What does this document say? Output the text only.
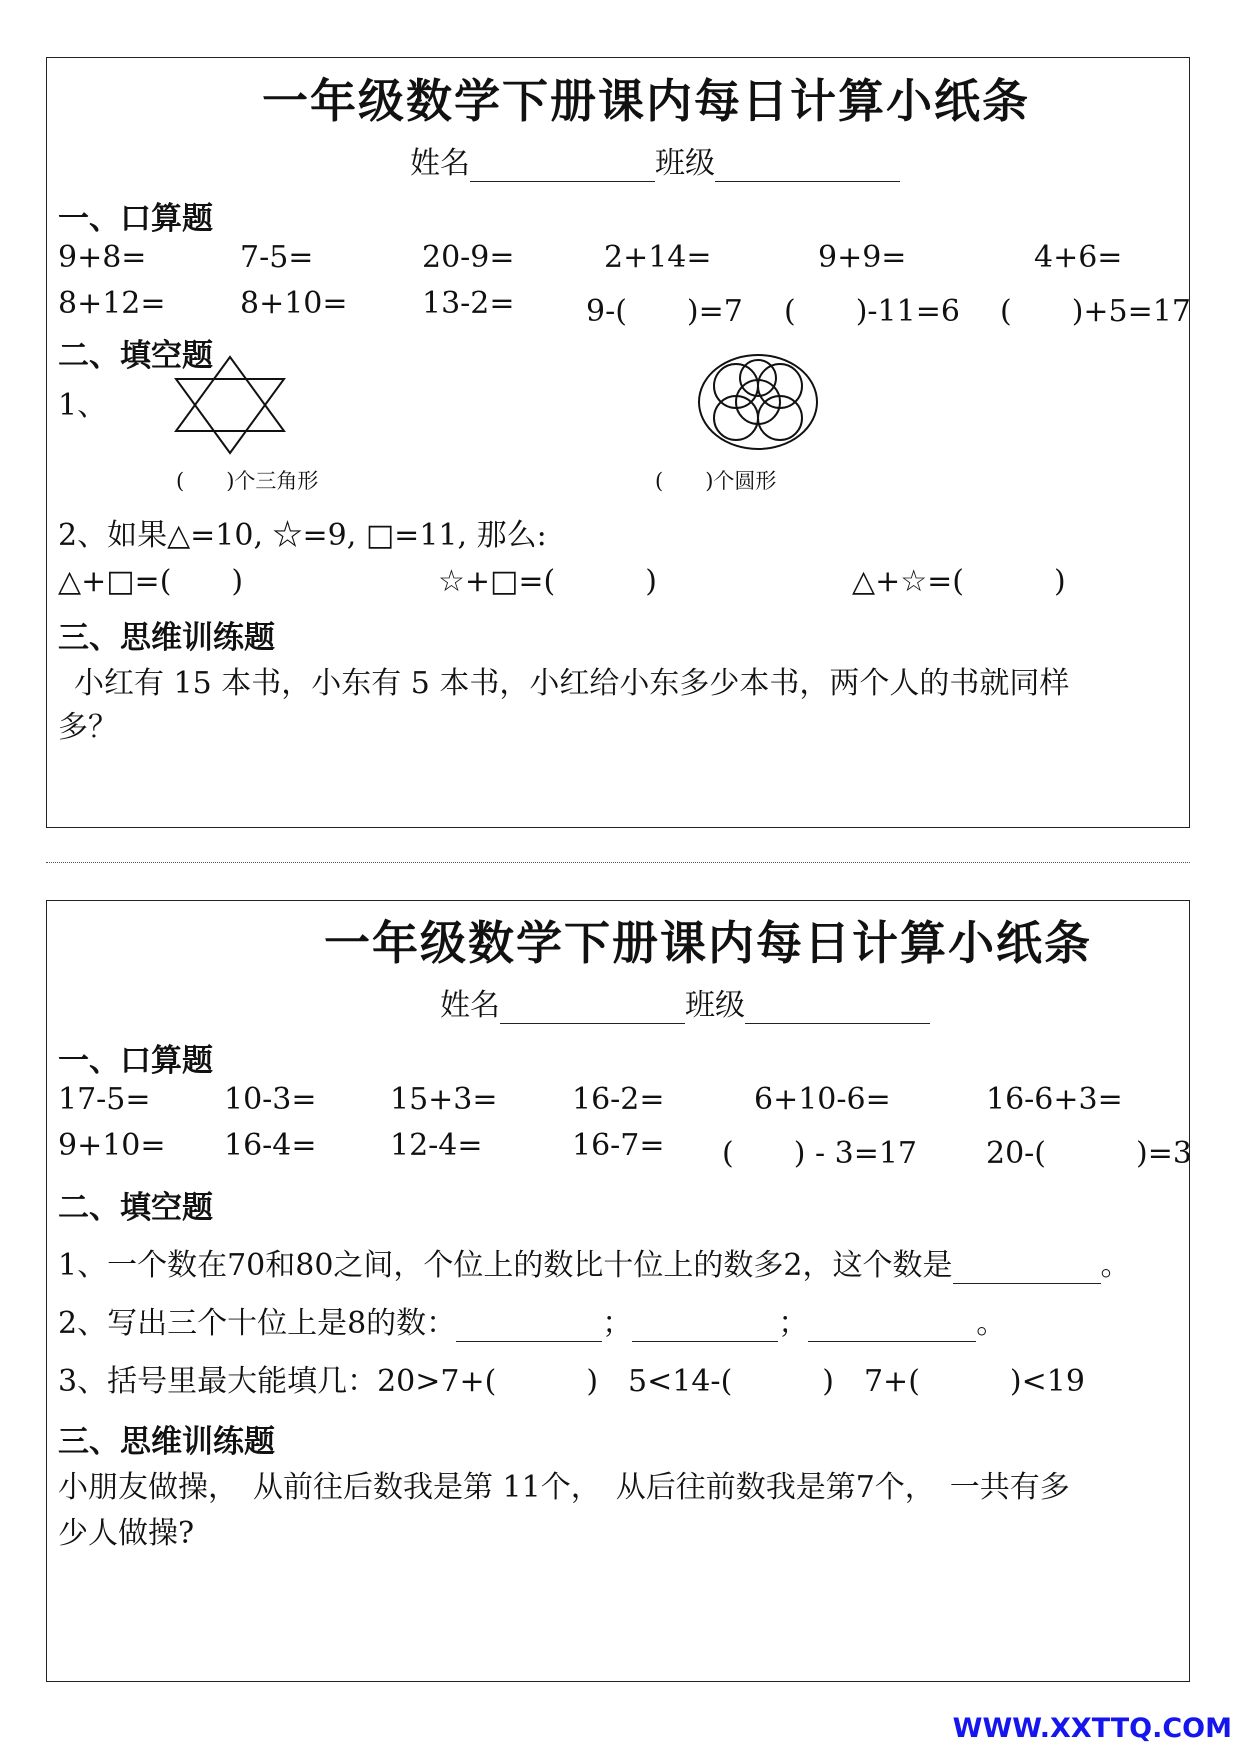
一年级数学下册课内每日计算小纸条
姓名	班级
一、口算题
9+8=	7-5=	20-9=	2+14=	9+9=	4+6=
8+12= 8+10= 13-2= 9-(　　)=7 (　　)-11=6 (　　)+5=17
二、填空题
1、
(　　)个三角形	(　　)个圆形
2、如果△=10, ☆=9, □=11, 那么:
△+□=(　　)	☆+□=(　　　)	△+☆=(　　　)
三、思维训练题
小红有 15 本书，小东有 5 本书，小红给小东多少本书，两个人的书就同样
多？
一年级数学下册课内每日计算小纸条
姓名	班级
一、口算题
17-5= 10-3= 15+3= 16-2=	6+10-6=	16-6+3=
9+10= 16-4= 12-4=	16-7= (　　) - 3=17 20-(　　　)=3
二、填空题
1、一个数在70和80之间，个位上的数比十位上的数多2，这个数是	。
2、写出三个十位上是8的数：	；	；	。
3、括号里最大能填几：20>7+(　　　)　5<14-(　　　)　7+(　　　)<19
三、思维训练题
小朋友做操，　从前往后数我是第 11个，　从后往前数我是第7个，　一共有多
少人做操?
WWW.XXTTQ.COM
